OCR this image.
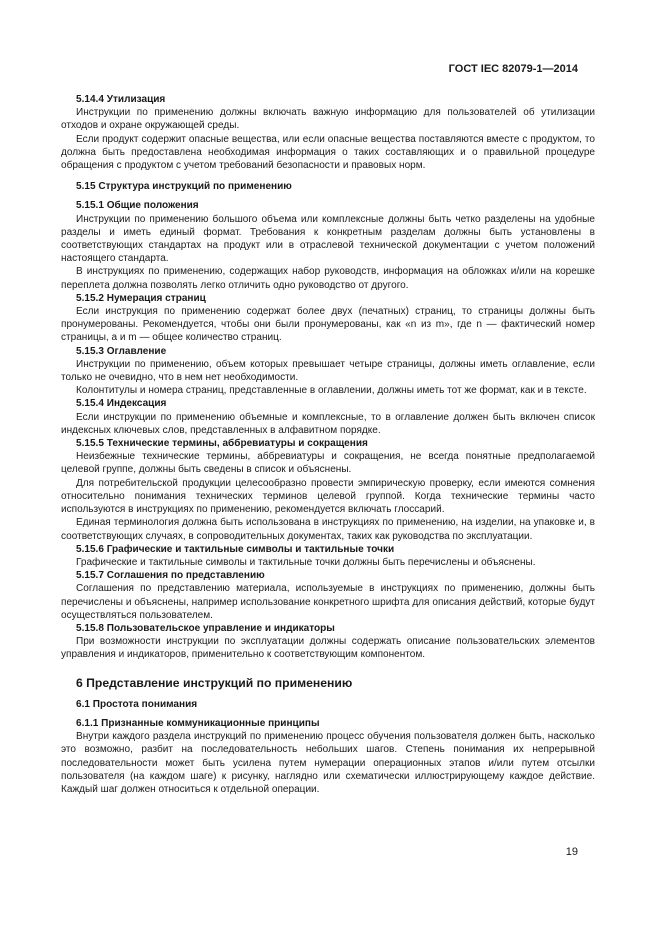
ГОСТ IEC 82079-1—2014
5.14.4 Утилизация

Инструкции по применению должны включать важную информацию для пользователей об утилизации отходов и охране окружающей среды.

Если продукт содержит опасные вещества, или если опасные вещества поставляются вместе с продуктом, то должна быть предоставлена необходимая информация о таких составляющих и о правильной процедуре обращения с продуктом с учетом требований безопасности и правовых норм.

5.15 Структура инструкций по применению
5.15.1 Общие положения

Инструкции по применению большого объема или комплексные должны быть четко разделены на удобные разделы и иметь единый формат. Требования к конкретным разделам должны быть установлены в соответствующих стандартах на продукт или в отраслевой технической документации с учетом положений настоящего стандарта.

В инструкциях по применению, содержащих набор руководств, информация на обложках и/или на корешке переплета должна позволять легко отличить одно руководство от другого.

5.15.2 Нумерация страниц

Если инструкция по применению содержат более двух (печатных) страниц, то страницы должны быть пронумерованы. Рекомендуется, чтобы они были пронумерованы, как «n из m», где n — фактический номер страницы, а и m — общее количество страниц.

5.15.3 Оглавление

Инструкции по применению, объем которых превышает четыре страницы, должны иметь оглавление, если только не очевидно, что в нем нет необходимости.

Колонтитулы и номера страниц, представленные в оглавлении, должны иметь тот же формат, как и в тексте.

5.15.4 Индексация

Если инструкции по применению объемные и комплексные, то в оглавление должен быть включен список индексных ключевых слов, представленных в алфавитном порядке.

5.15.5 Технические термины, аббревиатуры и сокращения

Неизбежные технические термины, аббревиатуры и сокращения, не всегда понятные предполагаемой целевой группе, должны быть сведены в список и объяснены.

Для потребительской продукции целесообразно провести эмпирическую проверку, если имеются сомнения относительно понимания технических терминов целевой группой. Когда технические термины часто используются в инструкциях по применению, рекомендуется включать глоссарий.

Единая терминология должна быть использована в инструкциях по применению, на изделии, на упаковке и, в соответствующих случаях, в сопроводительных документах, таких как руководства по эксплуатации.

5.15.6 Графические и тактильные символы и тактильные точки

Графические и тактильные символы и тактильные точки должны быть перечислены и объяснены.

5.15.7 Соглашения по представлению

Соглашения по представлению материала, используемые в инструкциях по применению, должны быть перечислены и объяснены, например использование конкретного шрифта для описания действий, которые будут осуществляться пользователем.

5.15.8 Пользовательское управление и индикаторы

При возможности инструкции по эксплуатации должны содержать описание пользовательских элементов управления и индикаторов, применительно к соответствующим компонентом.

6 Представление инструкций по применению
6.1 Простота понимания
6.1.1 Признанные коммуникационные принципы

Внутри каждого раздела инструкций по применению процесс обучения пользователя должен быть, насколько это возможно, разбит на последовательность небольших шагов. Степень понимания их непрерывной последовательности может быть усилена путем нумерации операционных этапов и/или путем отсылки пользователя (на каждом шаге) к рисунку, наглядно или схематически иллюстрирующему каждое действие. Каждый шаг должен относиться к отдельной операции.

19
